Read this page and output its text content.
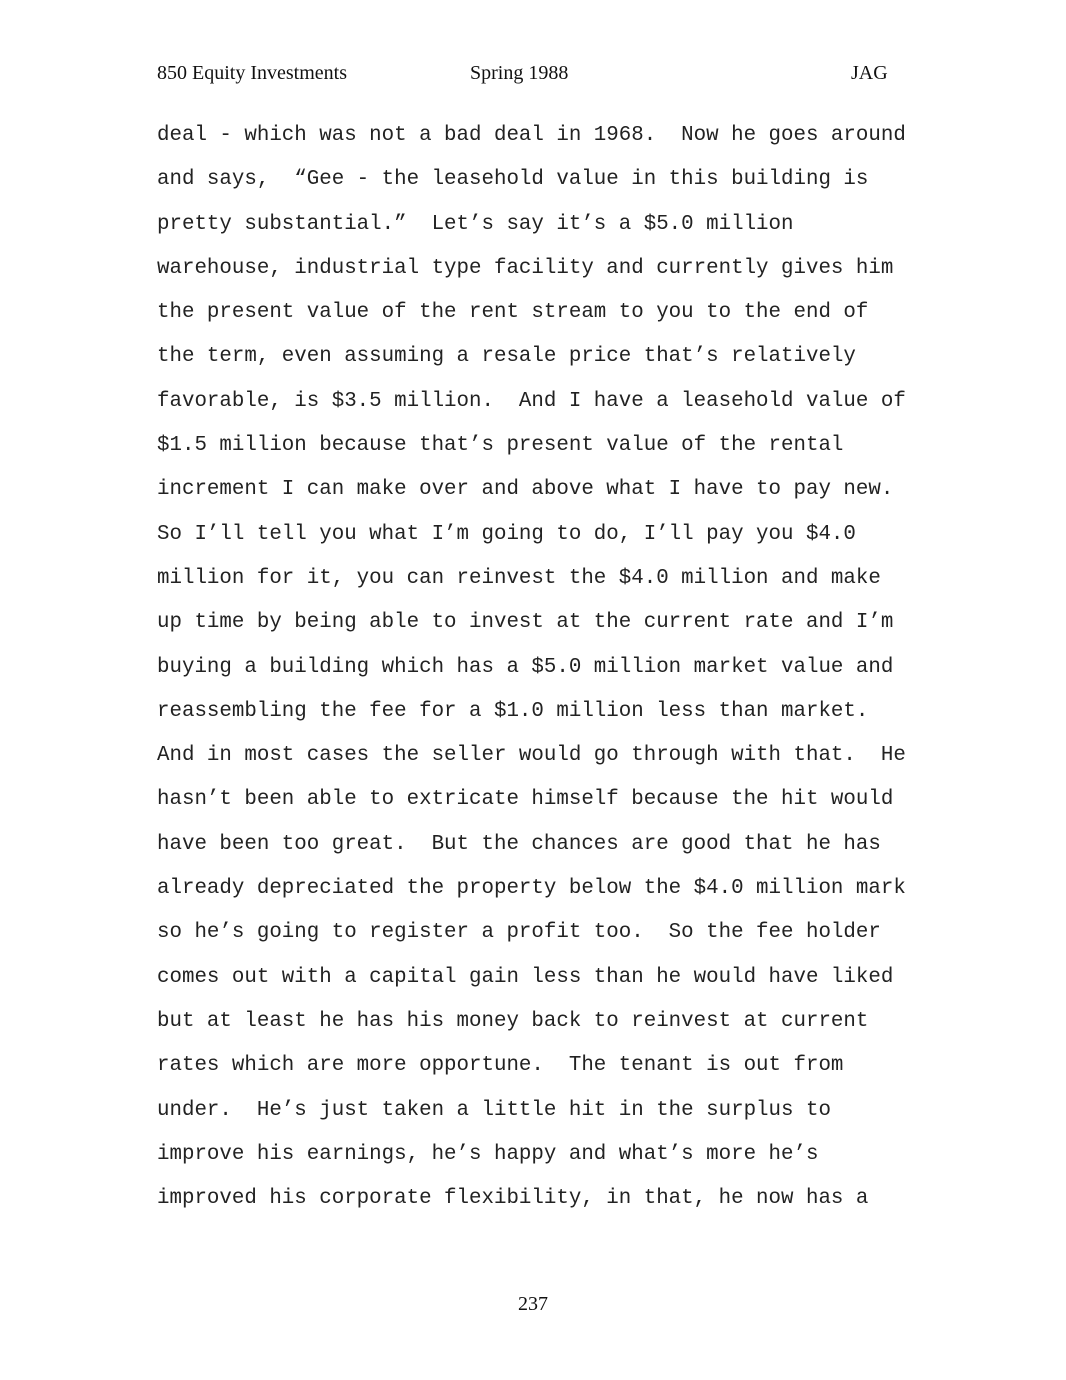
850 Equity Investments	Spring 1988	JAG
deal - which was not a bad deal in 1968.  Now he goes around
and says,  “Gee - the leasehold value in this building is
pretty substantial.”  Let’s say it’s a $5.0 million
warehouse, industrial type facility and currently gives him
the present value of the rent stream to you to the end of
the term, even assuming a resale price that’s relatively
favorable, is $3.5 million.  And I have a leasehold value of
$1.5 million because that’s present value of the rental
increment I can make over and above what I have to pay new.
So I’ll tell you what I’m going to do, I’ll pay you $4.0
million for it, you can reinvest the $4.0 million and make
up time by being able to invest at the current rate and I’m
buying a building which has a $5.0 million market value and
reassembling the fee for a $1.0 million less than market.
And in most cases the seller would go through with that.  He
hasn’t been able to extricate himself because the hit would
have been too great.  But the chances are good that he has
already depreciated the property below the $4.0 million mark
so he’s going to register a profit too.  So the fee holder
comes out with a capital gain less than he would have liked
but at least he has his money back to reinvest at current
rates which are more opportune.  The tenant is out from
under.  He’s just taken a little hit in the surplus to
improve his earnings, he’s happy and what’s more he’s
improved his corporate flexibility, in that, he now has a
237
